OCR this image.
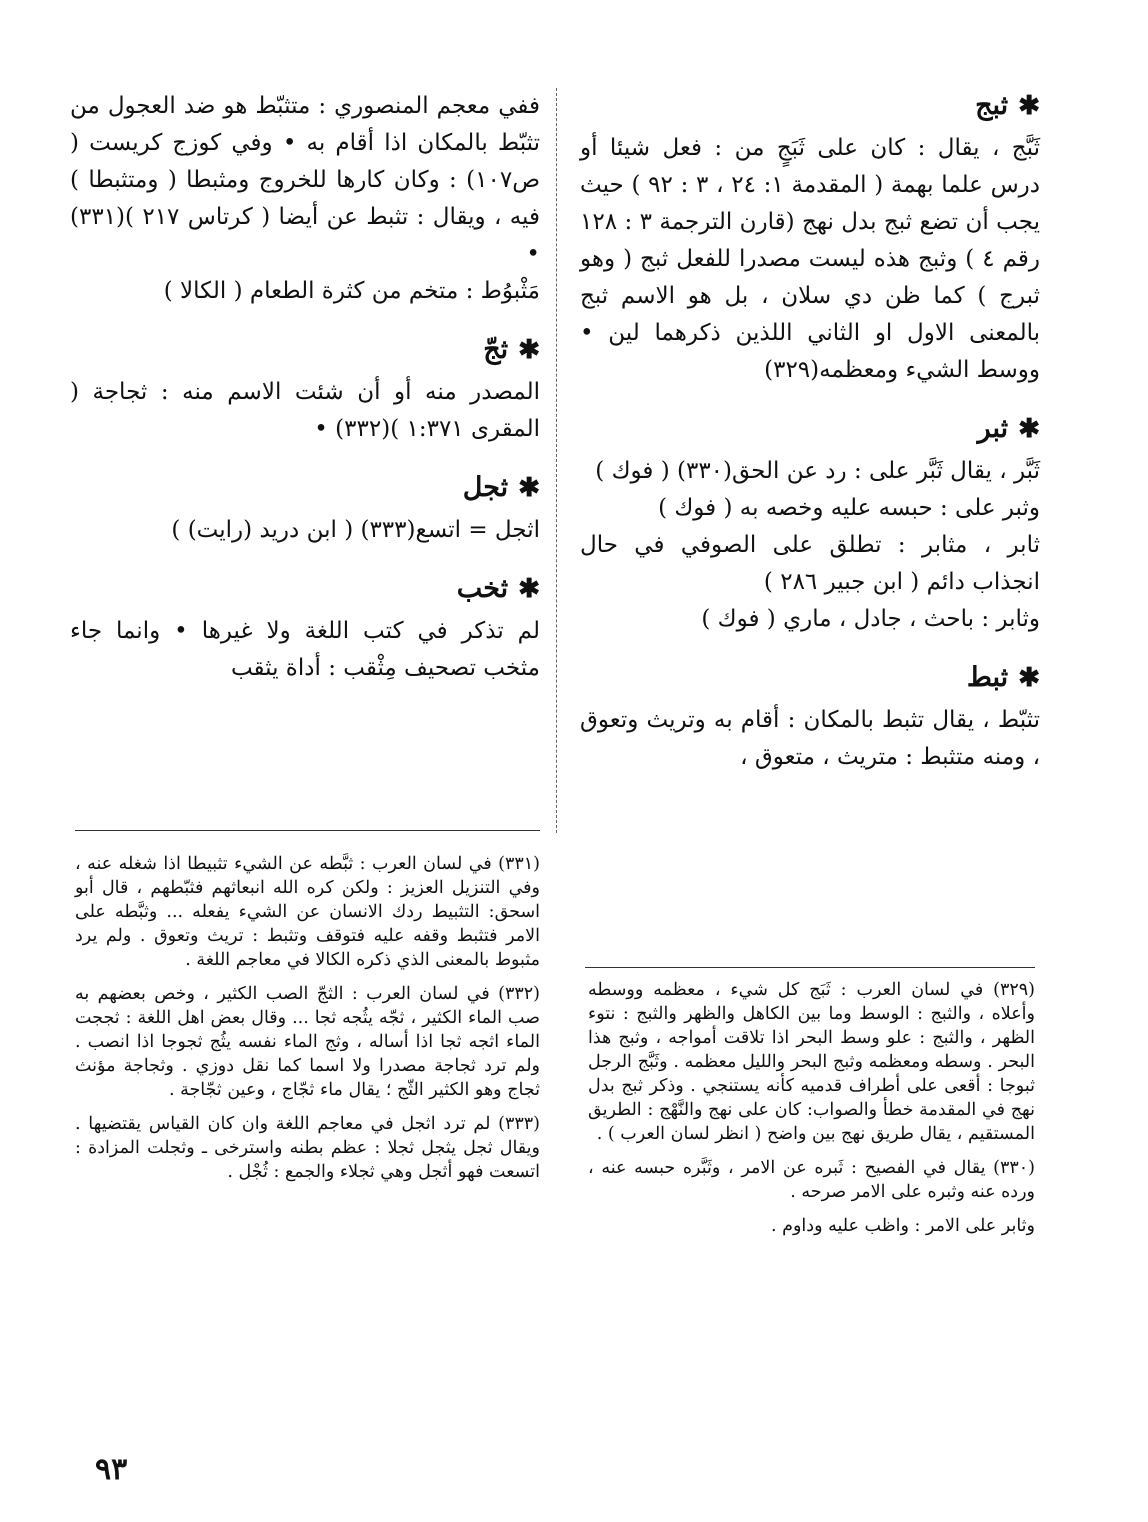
✱ثبج

ثَبَّج ، يقال : كان على ثَبَجٍ من : فعل شيئا أو درس علما بهمة ( المقدمة ١: ٢٤ ، ٣ : ٩٢ ) حيث يجب أن تضع ثبج بدل نهج (قارن الترجمة ٣ : ١٢٨ رقم ٤ ) وثبج هذه ليست مصدرا للفعل ثبج ( وهو ثبرج ) كما ظن دي سلان ، بل هو الاسم ثبج بالمعنى الاول او الثاني اللذين ذكرهما لين • ووسط الشيء ومعظمه(٣٢٩)

✱ثبر

ثَبَّر ، يقال ثَبَّر على : رد عن الحق(٣٣٠) ( فوك )

وثبر على : حبسه عليه وخصه به ( فوك )

ثابر ، مثابر : تطلق على الصوفي في حال انجذاب دائم ( ابن جبير ٢٨٦ )

وثابر : باحث ، جادل ، ماري ( فوك )

✱ثبط

تثبّط ، يقال تثبط بالمكان : أقام به وتريث وتعوق ، ومنه متثبط : متريث ، متعوق ،

ففي معجم المنصوري : متثبّط هو ضد العجول من تثبّط بالمكان اذا أقام به • وفي كوزج كريست ( ص١٠٧) : وكان كارها للخروج ومثبطا ( ومتثبطا ) فيه ، ويقال : تثبط عن أيضا ( كرتاس ٢١٧ )(٣٣١) •

مَثْبوُط : متخم من كثرة الطعام ( الكالا )

✱ثجّ

المصدر منه أو أن شئت الاسم منه : ثجاجة ( المقرى ١:٣٧١ )(٣٣٢) •

✱ثجل

اثجل = اتسع(٣٣٣) ( ابن دريد (رايت) )

✱ثخب

لم تذكر في كتب اللغة ولا غيرها • وانما جاء مثخب تصحيف مِثْقب : أداة يثقب

(٣٣١) في لسان العرب : ثبَّطه عن الشيء تثبيطا اذا شغله عنه ، وفي التنزيل العزيز : ولكن كره الله انبعاثهم فثبّطهم ، قال أبو اسحق: التثبيط ردك الانسان عن الشيء يفعله ... وثبَّطه على الامر فتثبط وقفه عليه فتوقف وتثبط : تريث وتعوق . ولم يرد مثبوط بالمعنى الذي ذكره الكالا في معاجم اللغة .
(٣٣٢) في لسان العرب : الثجّ الصب الكثير ، وخص بعضهم به صب الماء الكثير ، ثجّه يثُجه ثجا ... وقال بعض اهل اللغة : ثججت الماء اثجه ثجا اذا أساله ، وثج الماء نفسه يثُج ثجوجا اذا انصب . ولم ترد ثجاجة مصدرا ولا اسما كما نقل دوزي . وثجاجة مؤنث ثجاج وهو الكثير الثّج ؛ يقال ماء ثجّاج ، وعين ثجّاجة .
(٣٣٣) لم ترد اثجل في معاجم اللغة وان كان القياس يقتضيها . ويقال ثجل يثجل ثجلا : عظم بطنه واسترخى ـ وثجلت المزادة : اتسعت فهو أثجل وهي ثجلاء والجمع : ثُجْل .
(٣٢٩) في لسان العرب : ثَبَج كل شيء ، معظمه ووسطه وأعلاه ، والثبج : الوسط وما بين الكاهل والظهر والثبج : نتوء الظهر ، والثبج : علو وسط البحر اذا تلاقت أمواجه ، وثبج هذا البحر . وسطه ومعظمه وثبج البحر والليل معظمه . وثَبَّج الرجل ثبوجا : أقعى على أطراف قدميه كأنه يستنجي . وذكر ثبج بدل نهج في المقدمة خطأ والصواب: كان على نهج والنَّهْج : الطريق المستقيم ، يقال طريق نهج بين واضح ( انظر لسان العرب ) .
(٣٣٠) يقال في الفصيح : ثَبره عن الامر ، وثَبَّره حبسه عنه ، ورده عنه وثبره على الامر صرحه .
وثابر على الامر : واظب عليه وداوم .
٩٣
